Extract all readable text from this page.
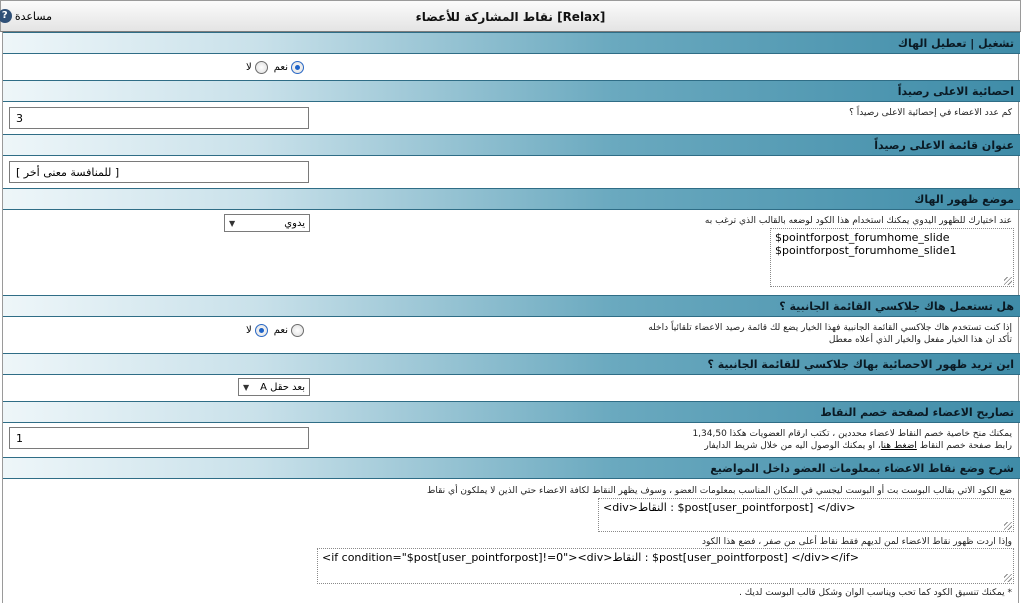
[Relax] نقاط المشاركة للأعضاء
? مساعدة
تشغيل | تعطيل الهاك
نعم
لا
احصائية الاعلى رصيداً
كم عدد الاعضاء في إحصائية الاعلى رصيداً ؟
3
عنوان قائمة الاعلى رصيداً
[ للمنافسة معنى أخر ]
موضع ظهور الهاك
عند اختيارك للظهور اليدوي يمكنك استخدام هذا الكود لوضعه بالقالب الذي ترغب به
يدوي
▼
$pointforpost_forumhome_slide
$pointforpost_forumhome_slide1
هل تستعمل هاك جلاكسي القائمة الجانبية ؟
إذا كنت تستخدم هاك جلاكسي القائمة الجانبية فهذا الخيار يضع لك قائمة رصيد الاعضاء تلقائياً داخله
تأكد ان هذا الخيار مفعل والخيار الذي أعلاه معطل
نعم
لا
اين تريد ظهور الاحصائية بهاك جلاكسي للقائمة الجانبية ؟
بعد حقل A
▼
تصاريح الاعضاء لصفحة خصم النقاط
يمكنك منح خاصية خصم النقاط لاعضاء محددين ، تكتب ارقام العضويات هكذا 1,34,50
رابط صفحة خصم النقاط اضغط هنا، او يمكنك الوصول اليه من خلال شريط الدايفار
1
شرح وضع نقاط الاعضاء بمعلومات العضو داخل المواضيع
ضع الكود الاتي بقالب البوست بت أو البوست ليجسي في المكان المناسب بمعلومات العضو ، وسوف يظهر النقاط لكافة الاعضاء حتي الذين لا يملكون أي نقاط
<div>النقاط : $post[user_pointforpost] </div>
وإذا اردت ظهور نقاط الاعضاء لمن لديهم فقط نقاط أعلى من صفر ، فضع هذا الكود
<if condition="$post[user_pointforpost]!=0"><div>النقاط : $post[user_pointforpost] </div></if>
* يمكنك تنسيق الكود كما تحب ويناسب الوان وشكل قالب البوست لديك .
